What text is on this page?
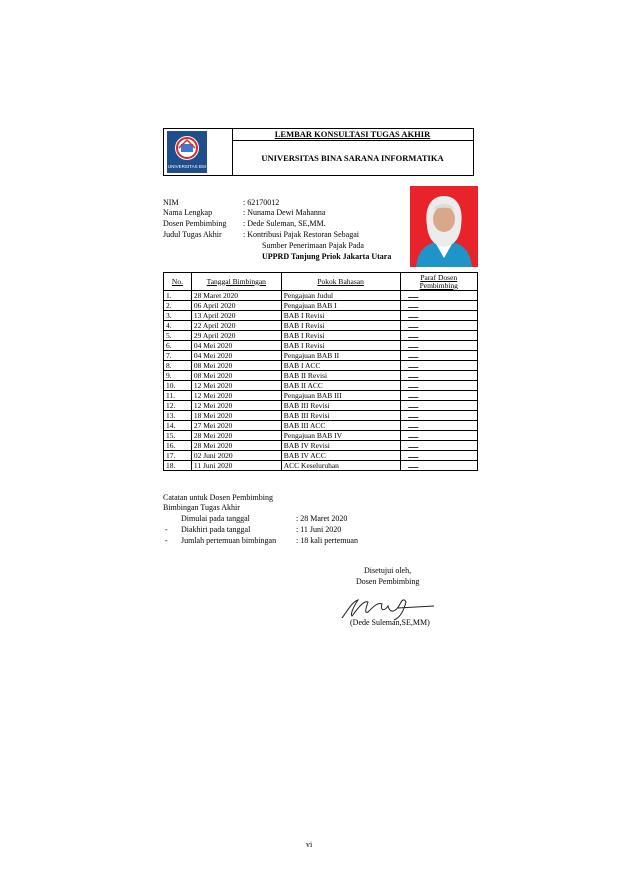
UNIVERSITAS BSI
LEMBAR KONSULTASI TUGAS AKHIR
UNIVERSITAS BINA SARANA INFORMATIKA
NIM	: 62170012
Nama Lengkap	: Nunama Dewi Mahanna
Dosen Pembimbing : Dede Suleman, SE,MM.
Judul Tugas Akhir	: Kontribusi Pajak Restoran Sebagai
Sumber Penerimaan Pajak Pada
UPPRD Tanjung Priok Jakarta Utara
No.	Tanggal Bimbingan	Pokok Bahasan	Paraf Dosen Pembimbing
1.	28 Maret 2020	Pengajuan Judul	
2.	06 April 2020	Pengajuan BAB I	
3.	13 April 2020	BAB I Revisi	
4.	22 April 2020	BAB I Revisi	
5.	29 April 2020	BAB I Revisi	
6.	04 Mei 2020	BAB I Revisi	
7.	04 Mei 2020	Pengajuan BAB II	
8.	08 Mei 2020	BAB I ACC	
9.	08 Mei 2020	BAB II Revisi	
10.	12 Mei 2020	BAB II ACC	
11.	12 Mei 2020	Pengajuan BAB III	
12.	12 Mei 2020	BAB III Revisi	
13.	18 Mei 2020	BAB III Revisi	
14.	27 Mei 2020	BAB III ACC	
15.	28 Mei 2020	Pengajuan BAB IV	
16.	28 Mei 2020	BAB IV Revisi	
17.	02 Juni 2020	BAB IV ACC	
18.	11 Juni 2020	ACC Keseluruhan	
Catatan untuk Dosen Pembimbing
Bimbingan Tugas Akhir
Dimulai pada tanggal	: 28 Maret 2020
- Diakhiri pada tanggal	: 11 Juni 2020
- Jumlah pertemuan bimbingan : 18 kali pertemuan
Disetujui oleh,
Dosen Pembimbing
(Dede Suleman,SE,MM)
vi
